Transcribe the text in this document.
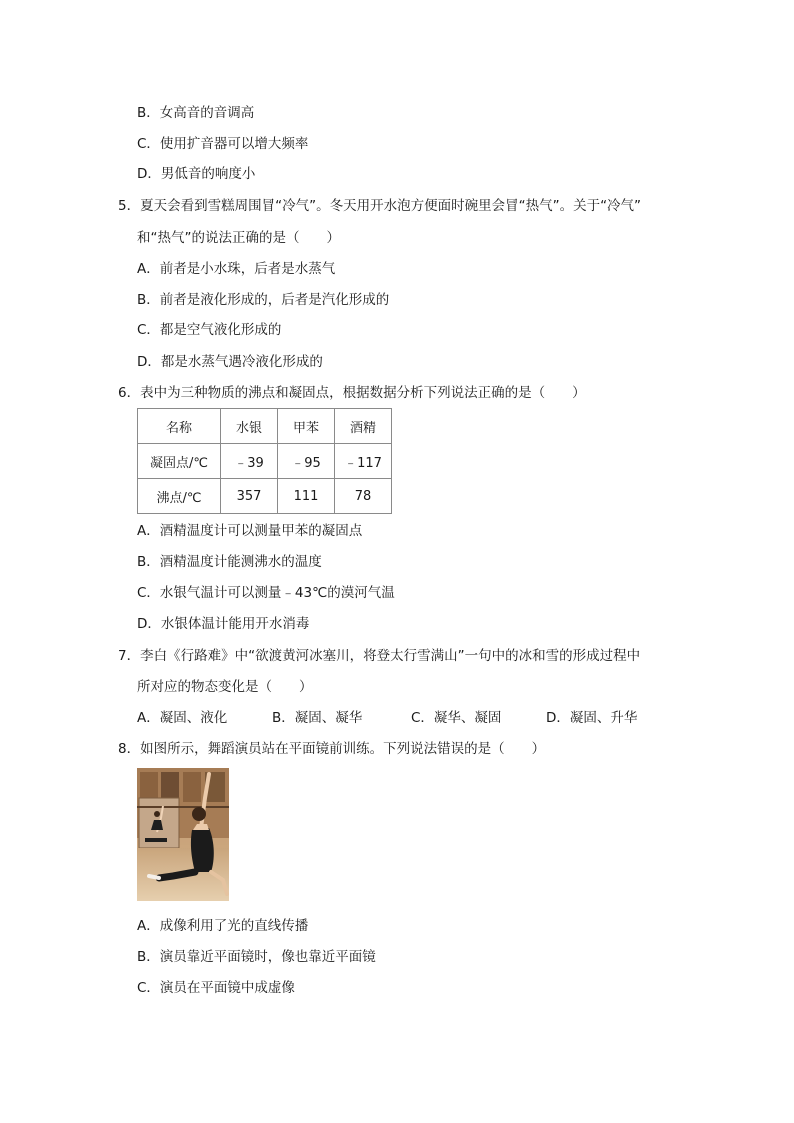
B．女高音的音调高
C．使用扩音器可以增大频率
D．男低音的响度小
5．夏天会看到雪糕周围冒“冷气”。冬天用开水泡方便面时碗里会冒“热气”。关于“冷气”
和“热气”的说法正确的是（　　）
A．前者是小水珠，后者是水蒸气
B．前者是液化形成的，后者是汽化形成的
C．都是空气液化形成的
D．都是水蒸气遇冷液化形成的
6．表中为三种物质的沸点和凝固点，根据数据分析下列说法正确的是（　　）
名称	水银	甲苯	酒精
凝固点/℃	﹣39	﹣95	﹣117
沸点/℃	357	111	78
A．酒精温度计可以测量甲苯的凝固点
B．酒精温度计能测沸水的温度
C．水银气温计可以测量﹣43℃的漠河气温
D．水银体温计能用开水消毒
7．李白《行路难》中“欲渡黄河冰塞川，将登太行雪满山”一句中的冰和雪的形成过程中
所对应的物态变化是（　　）
A．凝固、液化	B．凝固、凝华	C．凝华、凝固	D．凝固、升华
8．如图所示，舞蹈演员站在平面镜前训练。下列说法错误的是（　　）
A．成像利用了光的直线传播
B．演员靠近平面镜时，像也靠近平面镜
C．演员在平面镜中成虚像
